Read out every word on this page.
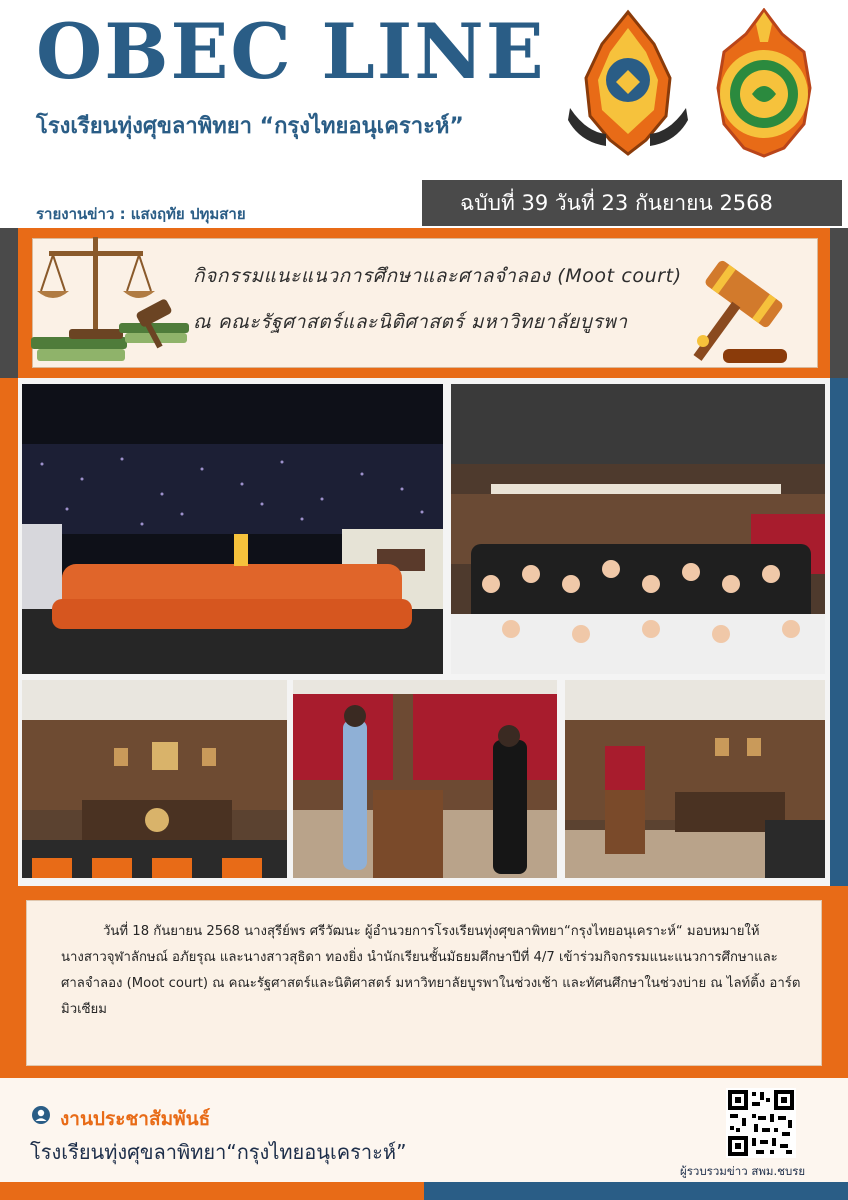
OBEC LINE
โรงเรียนทุ่งศุขลาพิทยา “กรุงไทยอนุเคราะห์”
รายงานข่าว : แสงฤทัย ปทุมสาย	ฉบับที่ 39 วันที่ 23 กันยายน 2568
กิจกรรมแนะแนวการศึกษาและศาลจำลอง (Moot court)
ณ คณะรัฐศาสตร์และนิติศาสตร์ มหาวิทยาลัยบูรพา

วันที่ 18 กันยายน 2568 นางสุรีย์พร ศรีวัฒนะ ผู้อำนวยการโรงเรียนทุ่งศุขลาพิทยา“กรุงไทยอนุเคราะห์“ มอบหมายให้นางสาวจุฬาลักษณ์ อภัยรุณ และนางสาวสุธิดา ทองยิ่ง นำนักเรียนชั้นมัธยมศึกษาปีที่ 4/7 เข้าร่วมกิจกรรมแนะแนวการศึกษาและศาลจำลอง (Moot court) ณ คณะรัฐศาสตร์และนิติศาสตร์ มหาวิทยาลัยบูรพาในช่วงเช้า และทัศนศึกษาในช่วงบ่าย ณ ไลท์ติ้ง อาร์ต มิวเซียม

งานประชาสัมพันธ์
โรงเรียนทุ่งศุขลาพิทยา“กรุงไทยอนุเคราะห์”
ผู้รวบรวมข่าว สพม.ชบรย
